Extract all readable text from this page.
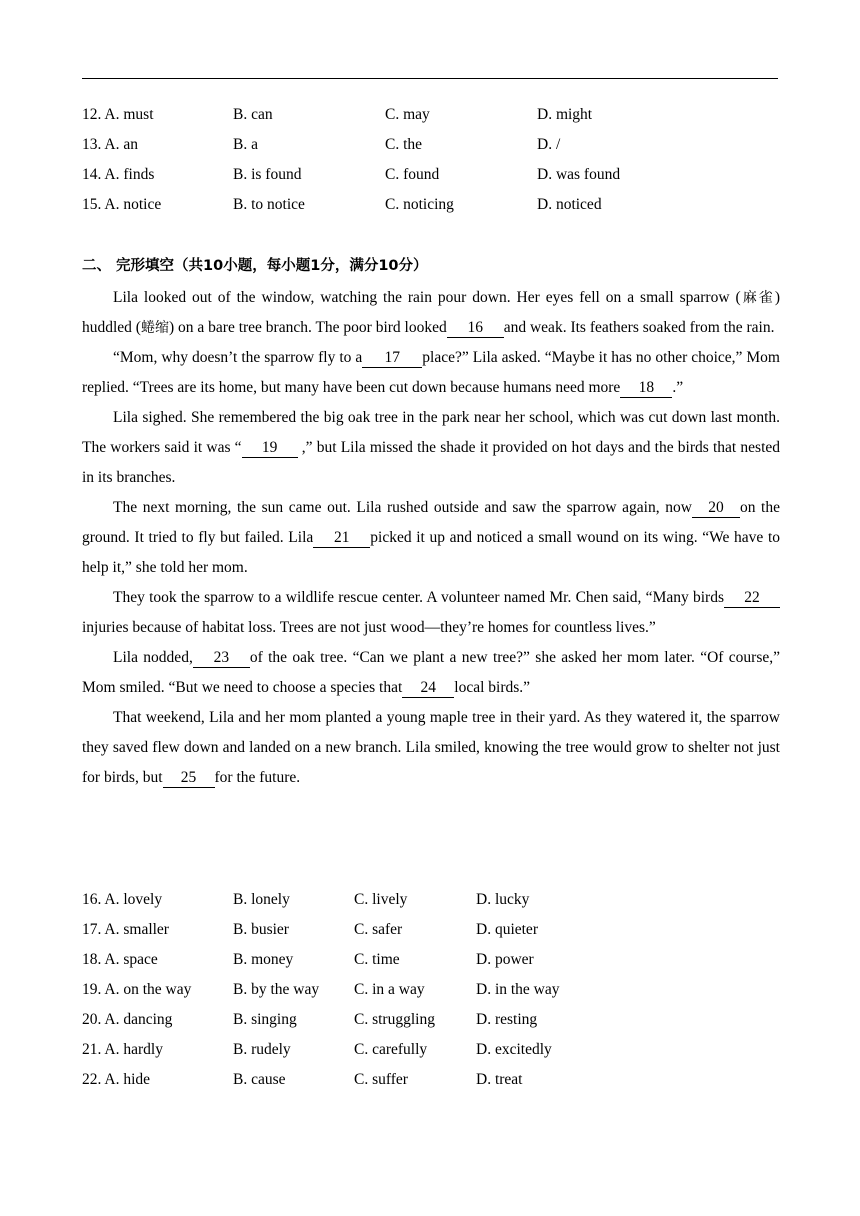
12. A. must	B. can	C. may	D. might
13. A. an	B. a	C. the	D. /
14. A. finds	B. is found	C. found	D. was found
15. A. notice	B. to notice	C. noticing	D. noticed
二、 完形填空（共10小题，每小题1分，满分10分）

Lila looked out of the window, watching the rain pour down. Her eyes fell on a small sparrow (麻雀) huddled (蜷缩) on a bare tree branch. The poor bird looked 16 and weak. Its feathers soaked from the rain.

“Mom, why doesn’t the sparrow fly to a 17 place?” Lila asked. “Maybe it has no other choice,” Mom replied. “Trees are its home, but many have been cut down because humans need more 18 .”

Lila sighed. She remembered the big oak tree in the park near her school, which was cut down last month. The workers said it was “ 19 ,” but Lila missed the shade it provided on hot days and the birds that nested in its branches.

The next morning, the sun came out. Lila rushed outside and saw the sparrow again, now 20 on the ground. It tried to fly but failed. Lila 21 picked it up and noticed a small wound on its wing. “We have to help it,” she told her mom.

They took the sparrow to a wildlife rescue center. A volunteer named Mr. Chen said, “Many birds 22injuries because of habitat loss. Trees are not just wood—they’re homes for countless lives.”

Lila nodded, 23 of the oak tree. “Can we plant a new tree?” she asked her mom later. “Of course,” Mom smiled. “But we need to choose a species that 24 local birds.”

That weekend, Lila and her mom planted a young maple tree in their yard. As they watered it, the sparrow they saved flew down and landed on a new branch. Lila smiled, knowing the tree would grow to shelter not just for birds, but 25 for the future.

16. A. lovely	B. lonely	C. lively	D. lucky
17. A. smaller	B. busier	C. safer	D. quieter
18. A. space	B. money	C. time	D. power
19. A. on the way	B. by the way C. in a way	D. in the way
20. A. dancing	B. singing	C. struggling	D. resting
21. A. hardly	B. rudely	C. carefully	D. excitedly
22. A. hide	B. cause	C. suffer	D. treat
